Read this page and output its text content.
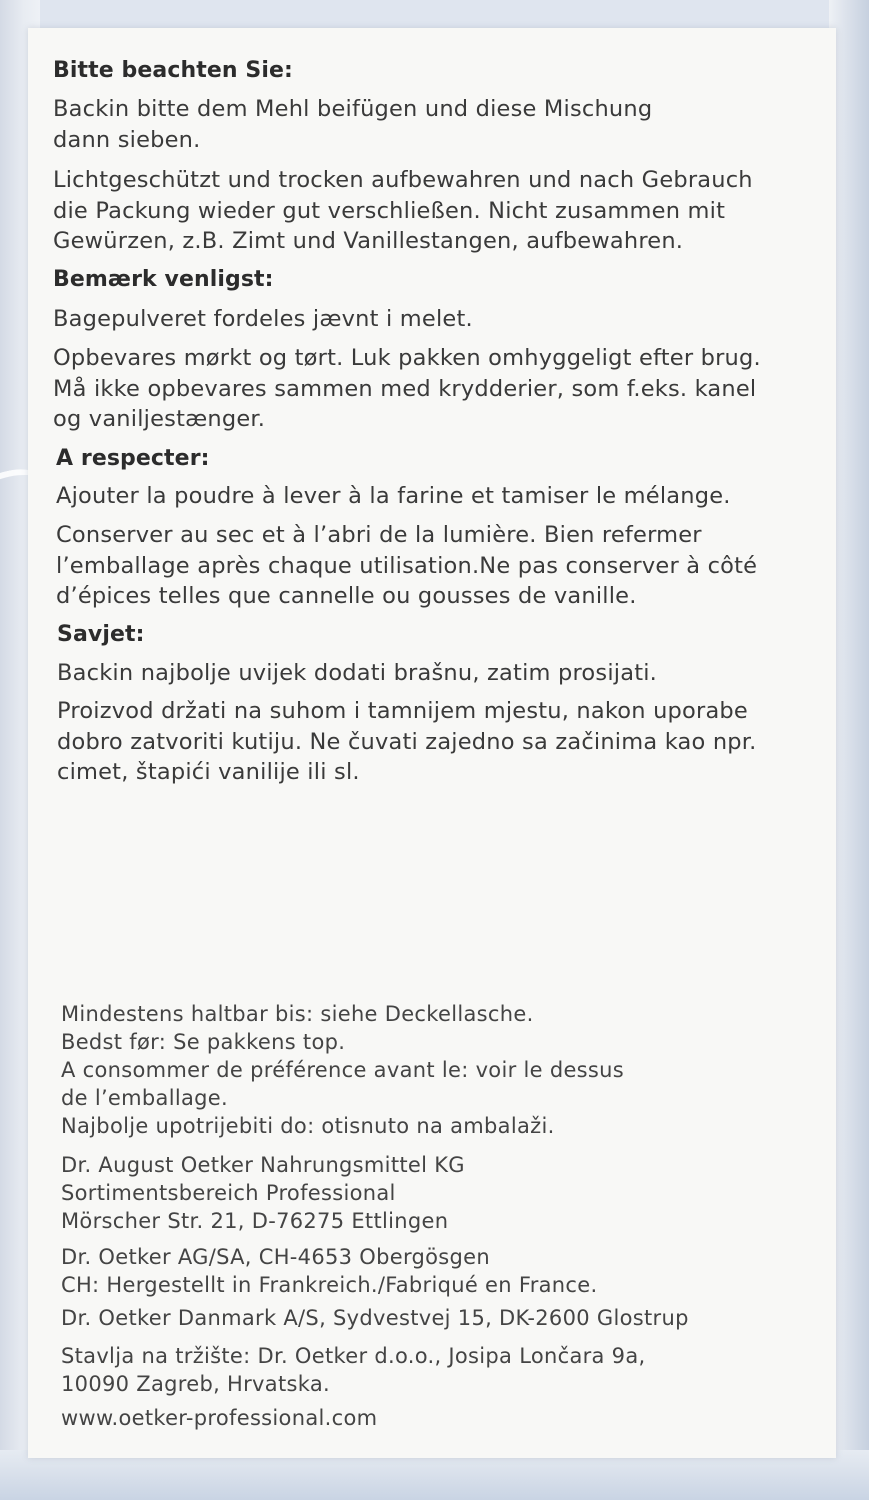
Bitte beachten Sie:

Backin bitte dem Mehl beifügen und diese Mischung
dann sieben.

Lichtgeschützt und trocken aufbewahren und nach Gebrauch
die Packung wieder gut verschließen. Nicht zusammen mit
Gewürzen, z.B. Zimt und Vanillestangen, aufbewahren.

Bemærk venligst:

Bagepulveret fordeles jævnt i melet.

Opbevares mørkt og tørt. Luk pakken omhyggeligt efter brug.
Må ikke opbevares sammen med krydderier, som f.eks. kanel
og vaniljestænger.

A respecter:

Ajouter la poudre à lever à la farine et tamiser le mélange.

Conserver au sec et à l’abri de la lumière. Bien refermer
l’emballage après chaque utilisation.Ne pas conserver à côté
d’épices telles que cannelle ou gousses de vanille.

Savjet:

Backin najbolje uvijek dodati brašnu, zatim prosijati.

Proizvod držati na suhom i tamnijem mjestu, nakon uporabe
dobro zatvoriti kutiju. Ne čuvati zajedno sa začinima kao npr.
cimet, štapići vanilije ili sl.

Mindestens haltbar bis: siehe Deckellasche.
Bedst før: Se pakkens top.
A consommer de préférence avant le: voir le dessus
de l’emballage.
Najbolje upotrijebiti do: otisnuto na ambalaži.

Dr. August Oetker Nahrungsmittel KG
Sortimentsbereich Professional
Mörscher Str. 21, D-76275 Ettlingen

Dr. Oetker AG/SA, CH-4653 Obergösgen
CH: Hergestellt in Frankreich./Fabriqué en France.

Dr. Oetker Danmark A/S, Sydvestvej 15, DK-2600 Glostrup

Stavlja na tržište: Dr. Oetker d.o.o., Josipa Lončara 9a,
10090 Zagreb, Hrvatska.

www.oetker-professional.com
